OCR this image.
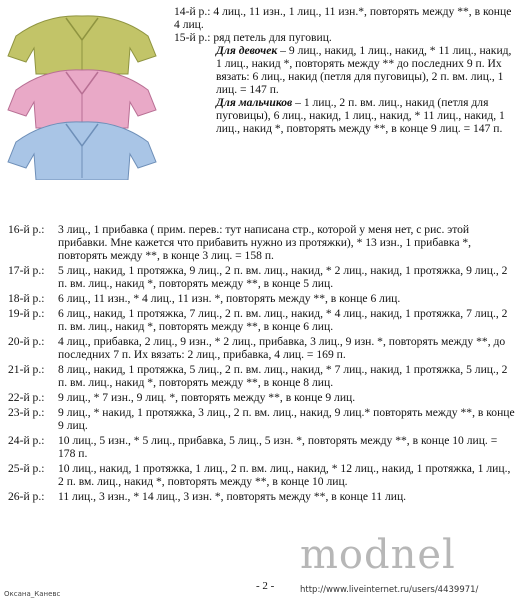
14-й р.: 4 лиц., 11 изн., 1 лиц., 11 изн.*, повторять между **, в конце 4 лиц.
15-й р.: ряд петель для пуговиц.
Для девочек – 9 лиц., накид, 1 лиц., накид, * 11 лиц., накид, 1 лиц., накид *, повторять между ** до последних 9 п. Их вязать: 6 лиц., накид (петля для пуговицы), 2 п. вм. лиц., 1 лиц. = 147 п.
Для мальчиков – 1 лиц., 2 п. вм. лиц., накид (петля для пуговицы), 6 лиц., накид, 1 лиц., накид, * 11 лиц., накид, 1 лиц., накид *, повторять между **, в конце 9 лиц. = 147 п.
16-й р.: 3 лиц., 1 прибавка ( прим. перев.: тут написана стр., которой у меня нет, с рис. этой прибавки. Мне кажется что прибавить нужно из протяжки), * 13 изн., 1 прибавка *, повторять между **, в конце 3 лиц. = 158 п.
17-й р.: 5 лиц., накид, 1 протяжка, 9 лиц., 2 п. вм. лиц., накид, * 2 лиц., накид, 1 протяжка, 9 лиц., 2 п. вм. лиц., накид *, повторять между **, в конце 5 лиц.
18-й р.: 6 лиц., 11 изн., * 4 лиц., 11 изн. *, повторять между **, в конце 6 лиц.
19-й р.: 6 лиц., накид, 1 протяжка, 7 лиц., 2 п. вм. лиц., накид, * 4 лиц., накид, 1 протяжка, 7 лиц., 2 п. вм. лиц., накид *, повторять между **, в конце 6 лиц.
20-й р.: 4 лиц., прибавка, 2 лиц., 9 изн., * 2 лиц., прибавка, 3 лиц., 9 изн. *, повторять между **, до последних 7 п. Их вязать: 2 лиц., прибавка, 4 лиц. = 169 п.
21-й р.: 8 лиц., накид, 1 протяжка, 5 лиц., 2 п. вм. лиц., накид, * 7 лиц., накид, 1 протяжка, 5 лиц., 2 п. вм. лиц., накид *, повторять между **, в конце 8 лиц.
22-й р.: 9 лиц., * 7 изн., 9 лиц. *, повторять между **, в конце 9 лиц.
23-й р.: 9 лиц., * накид, 1 протяжка, 3 лиц., 2 п. вм. лиц., накид, 9 лиц.* повторять между **, в конце 9 лиц.
24-й р.: 10 лиц., 5 изн., * 5 лиц., прибавка, 5 лиц., 5 изн. *, повторять между **, в конце 10 лиц. = 178 п.
25-й р.: 10 лиц., накид, 1 протяжка, 1 лиц., 2 п. вм. лиц., накид, * 12 лиц., накид, 1 протяжка, 1 лиц., 2 п. вм. лиц., накид *, повторять между **, в конце 10 лиц.
26-й р.: 11 лиц., 3 изн., * 14 лиц., 3 изн. *, повторять между **, в конце 11 лиц.
modnel
- 2 -	http://www.liveinternet.ru/users/4439971/
Оксана_Каневс
